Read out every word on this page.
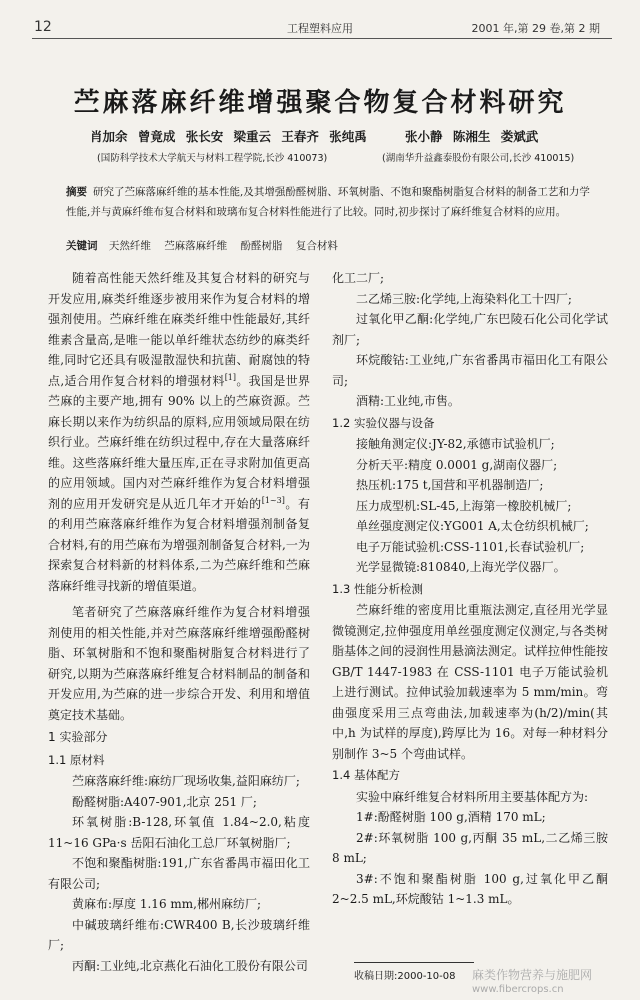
12	工程塑料应用	2001 年,第 29 卷,第 2 期
苎麻落麻纤维增强聚合物复合材料研究
肖加余 曾竟成 张长安 梁重云 王春齐 张纯禹	张小静 陈湘生 娄斌武
(国防科学技术大学航天与材料工程学院,长沙 410073)	(湖南华升益鑫泰股份有限公司,长沙 410015)
摘要 研究了苎麻落麻纤维的基本性能,及其增强酚醛树脂、环氧树脂、不饱和聚酯树脂复合材料的制备工艺和力学性能,并与黄麻纤维布复合材料和玻璃布复合材料性能进行了比较。同时,初步探讨了麻纤维复合材料的应用。
关键词 天然纤维 苎麻落麻纤维 酚醛树脂 复合材料

随着高性能天然纤维及其复合材料的研究与开发应用,麻类纤维逐步被用来作为复合材料的增强剂使用。苎麻纤维在麻类纤维中性能最好,其纤维素含量高,是唯一能以单纤维状态纺纱的麻类纤维,同时它还具有吸湿散湿快和抗菌、耐腐蚀的特点,适合用作复合材料的增强材料[1]。我国是世界苎麻的主要产地,拥有 90% 以上的苎麻资源。苎麻长期以来作为纺织品的原料,应用领域局限在纺织行业。苎麻纤维在纺织过程中,存在大量落麻纤维。这些落麻纤维大量压库,正在寻求附加值更高的应用领域。国内对苎麻纤维作为复合材料增强剂的应用开发研究是从近几年才开始的[1~3]。有的利用苎麻落麻纤维作为复合材料增强剂制备复合材料,有的用苎麻布为增强剂制备复合材料,一为探索复合材料新的材料体系,二为苎麻纤维和苎麻落麻纤维寻找新的增值渠道。

笔者研究了苎麻落麻纤维作为复合材料增强剂使用的相关性能,并对苎麻落麻纤维增强酚醛树脂、环氧树脂和不饱和聚酯树脂复合材料进行了研究,以期为苎麻落麻纤维复合材料制品的制备和开发应用,为苎麻的进一步综合开发、利用和增值奠定技术基础。

1 实验部分
1.1 原材料

苎麻落麻纤维:麻纺厂现场收集,益阳麻纺厂;

酚醛树脂:A407-901,北京 251 厂;

环氧树脂:B-128,环氧值 1.84~2.0,粘度 11~16 GPa·s 岳阳石油化工总厂环氧树脂厂;

不饱和聚酯树脂:191,广东省番禺市福田化工有限公司;

黄麻布:厚度 1.16 mm,郴州麻纺厂;

中碱玻璃纤维布:CWR400 B,长沙玻璃纤维厂;

丙酮:工业纯,北京燕化石油化工股份有限公司

化工二厂;

二乙烯三胺:化学纯,上海染料化工十四厂;

过氧化甲乙酮:化学纯,广东巴陵石化公司化学试剂厂;

环烷酸钴:工业纯,广东省番禺市福田化工有限公司;

酒精:工业纯,市售。

1.2 实验仪器与设备

接触角测定仪:JY-82,承德市试验机厂;

分析天平:精度 0.0001 g,湖南仪器厂;

热压机:175 t,国营和平机器制造厂;

压力成型机:SL-45,上海第一橡胶机械厂;

单丝强度测定仪:YG001 A,太仓纺织机械厂;

电子万能试验机:CSS-1101,长春试验机厂;

光学显微镜:810840,上海光学仪器厂。

1.3 性能分析检测

苎麻纤维的密度用比重瓶法测定,直径用光学显微镜测定,拉伸强度用单丝强度测定仪测定,与各类树脂基体之间的浸润性用悬滴法测定。试样拉伸性能按 GB/T 1447-1983 在 CSS-1101 电子万能试验机上进行测试。拉伸试验加载速率为 5 mm/min。弯曲强度采用三点弯曲法,加载速率为(h/2)/min(其中,h 为试样的厚度),跨厚比为 16。对每一种材料分别制作 3~5 个弯曲试样。

1.4 基体配方

实验中麻纤维复合材料所用主要基体配方为:

1#:酚醛树脂 100 g,酒精 170 mL;

2#:环氧树脂 100 g,丙酮 35 mL,二乙烯三胺 8 mL;

3#:不饱和聚酯树脂 100 g,过氧化甲乙酮 2~2.5 mL,环烷酸钴 1~1.3 mL。

收稿日期:2000-10-08	麻类作物营养与施肥网
www.fibercrops.cn
